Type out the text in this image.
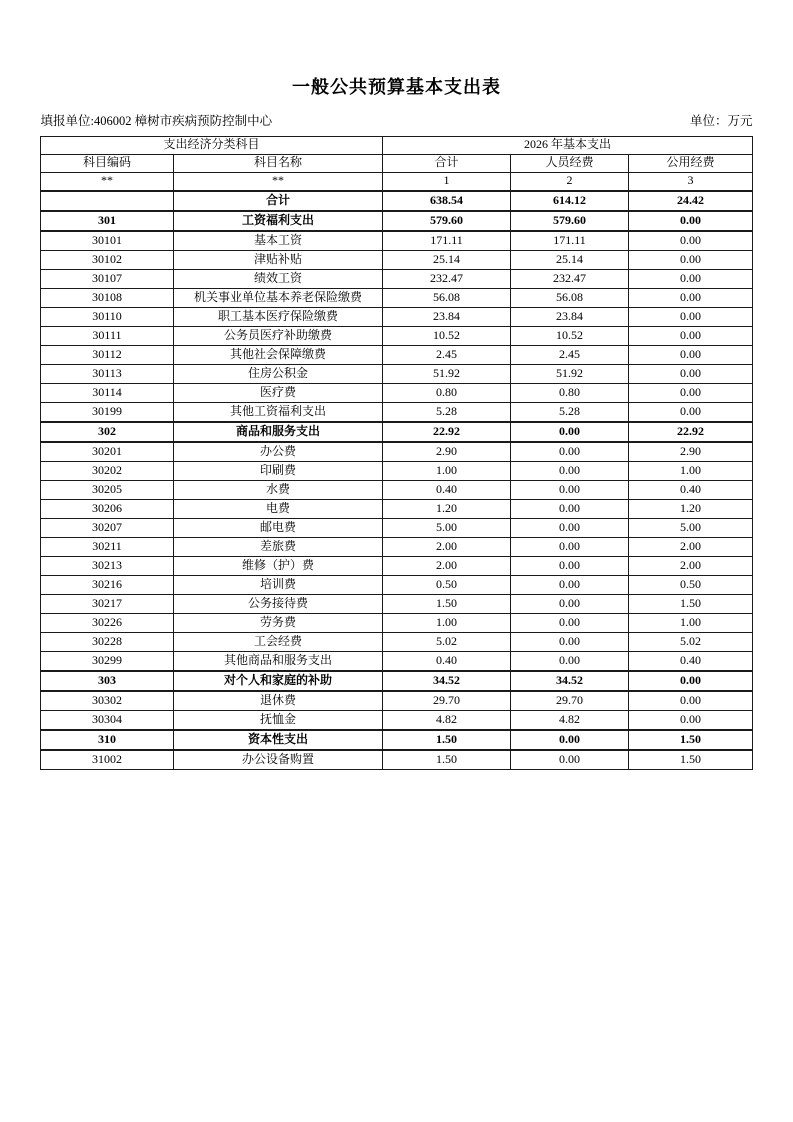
一般公共预算基本支出表
填报单位:406002 樟树市疾病预防控制中心	单位：万元
支出经济分类科目		2026 年基本支出		
科目编码	科目名称	合计	人员经费	公用经费
**	**	1	2	3
	合计	638.54	614.12	24.42
301	工资福利支出	579.60	579.60	0.00
30101	基本工资	171.11	171.11	0.00
30102	津贴补贴	25.14	25.14	0.00
30107	绩效工资	232.47	232.47	0.00
30108	机关事业单位基本养老保险缴费	56.08	56.08	0.00
30110	职工基本医疗保险缴费	23.84	23.84	0.00
30111	公务员医疗补助缴费	10.52	10.52	0.00
30112	其他社会保障缴费	2.45	2.45	0.00
30113	住房公积金	51.92	51.92	0.00
30114	医疗费	0.80	0.80	0.00
30199	其他工资福利支出	5.28	5.28	0.00
302	商品和服务支出	22.92	0.00	22.92
30201	办公费	2.90	0.00	2.90
30202	印刷费	1.00	0.00	1.00
30205	水费	0.40	0.00	0.40
30206	电费	1.20	0.00	1.20
30207	邮电费	5.00	0.00	5.00
30211	差旅费	2.00	0.00	2.00
30213	维修（护）费	2.00	0.00	2.00
30216	培训费	0.50	0.00	0.50
30217	公务接待费	1.50	0.00	1.50
30226	劳务费	1.00	0.00	1.00
30228	工会经费	5.02	0.00	5.02
30299	其他商品和服务支出	0.40	0.00	0.40
303	对个人和家庭的补助	34.52	34.52	0.00
30302	退休费	29.70	29.70	0.00
30304	抚恤金	4.82	4.82	0.00
310	资本性支出	1.50	0.00	1.50
31002	办公设备购置	1.50	0.00	1.50
